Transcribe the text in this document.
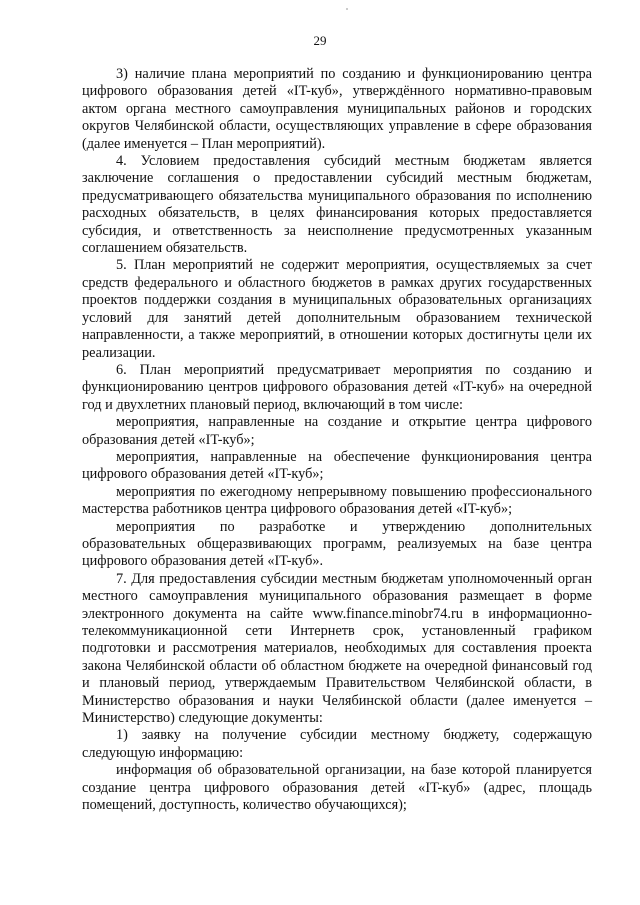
29

3) наличие плана мероприятий по созданию и функционированию центра цифрового образования детей «IT-куб», утверждённого нормативно-правовым актом органа местного самоуправления муниципальных районов и городских округов Челябинской области, осуществляющих управление в сфере образования (далее именуется – План мероприятий).

4. Условием предоставления субсидий местным бюджетам является заключение соглашения о предоставлении субсидий местным бюджетам, предусматривающего обязательства муниципального образования по исполнению расходных обязательств, в целях финансирования которых предоставляется субсидия, и ответственность за неисполнение предусмотренных указанным соглашением обязательств.

5. План мероприятий не содержит мероприятия, осуществляемых за счет средств федерального и областного бюджетов в рамках других государственных проектов поддержки создания в муниципальных образовательных организациях условий для занятий детей дополнительным образованием технической направленности, а также мероприятий, в отношении которых достигнуты цели их реализации.

6. План мероприятий предусматривает мероприятия по созданию и функционированию центров цифрового образования детей «IT-куб» на очередной год и двухлетних плановый период, включающий в том числе:

мероприятия, направленные на создание и открытие центра цифрового образования детей «IT-куб»;

мероприятия, направленные на обеспечение функционирования центра цифрового образования детей «IT-куб»;

мероприятия по ежегодному непрерывному повышению профессионального мастерства работников центра цифрового образования детей «IT-куб»;

мероприятия по разработке и утверждению дополнительных образовательных общеразвивающих программ, реализуемых на базе центра цифрового образования детей «IT-куб».

7. Для предоставления субсидии местным бюджетам уполномоченный орган местного самоуправления муниципального образования размещает в форме электронного документа на сайте www.finance.minobr74.ru в информационно-телекоммуникационной сети Интернетв срок, установленный графиком подготовки и рассмотрения материалов, необходимых для составления проекта закона Челябинской области об областном бюджете на очередной финансовый год и плановый период, утверждаемым Правительством Челябинской области, в Министерство образования и науки Челябинской области (далее именуется – Министерство) следующие документы:

1) заявку на получение субсидии местному бюджету, содержащую следующую информацию:

информация об образовательной организации, на базе которой планируется создание центра цифрового образования детей «IT-куб» (адрес, площадь помещений, доступность, количество обучающихся);
